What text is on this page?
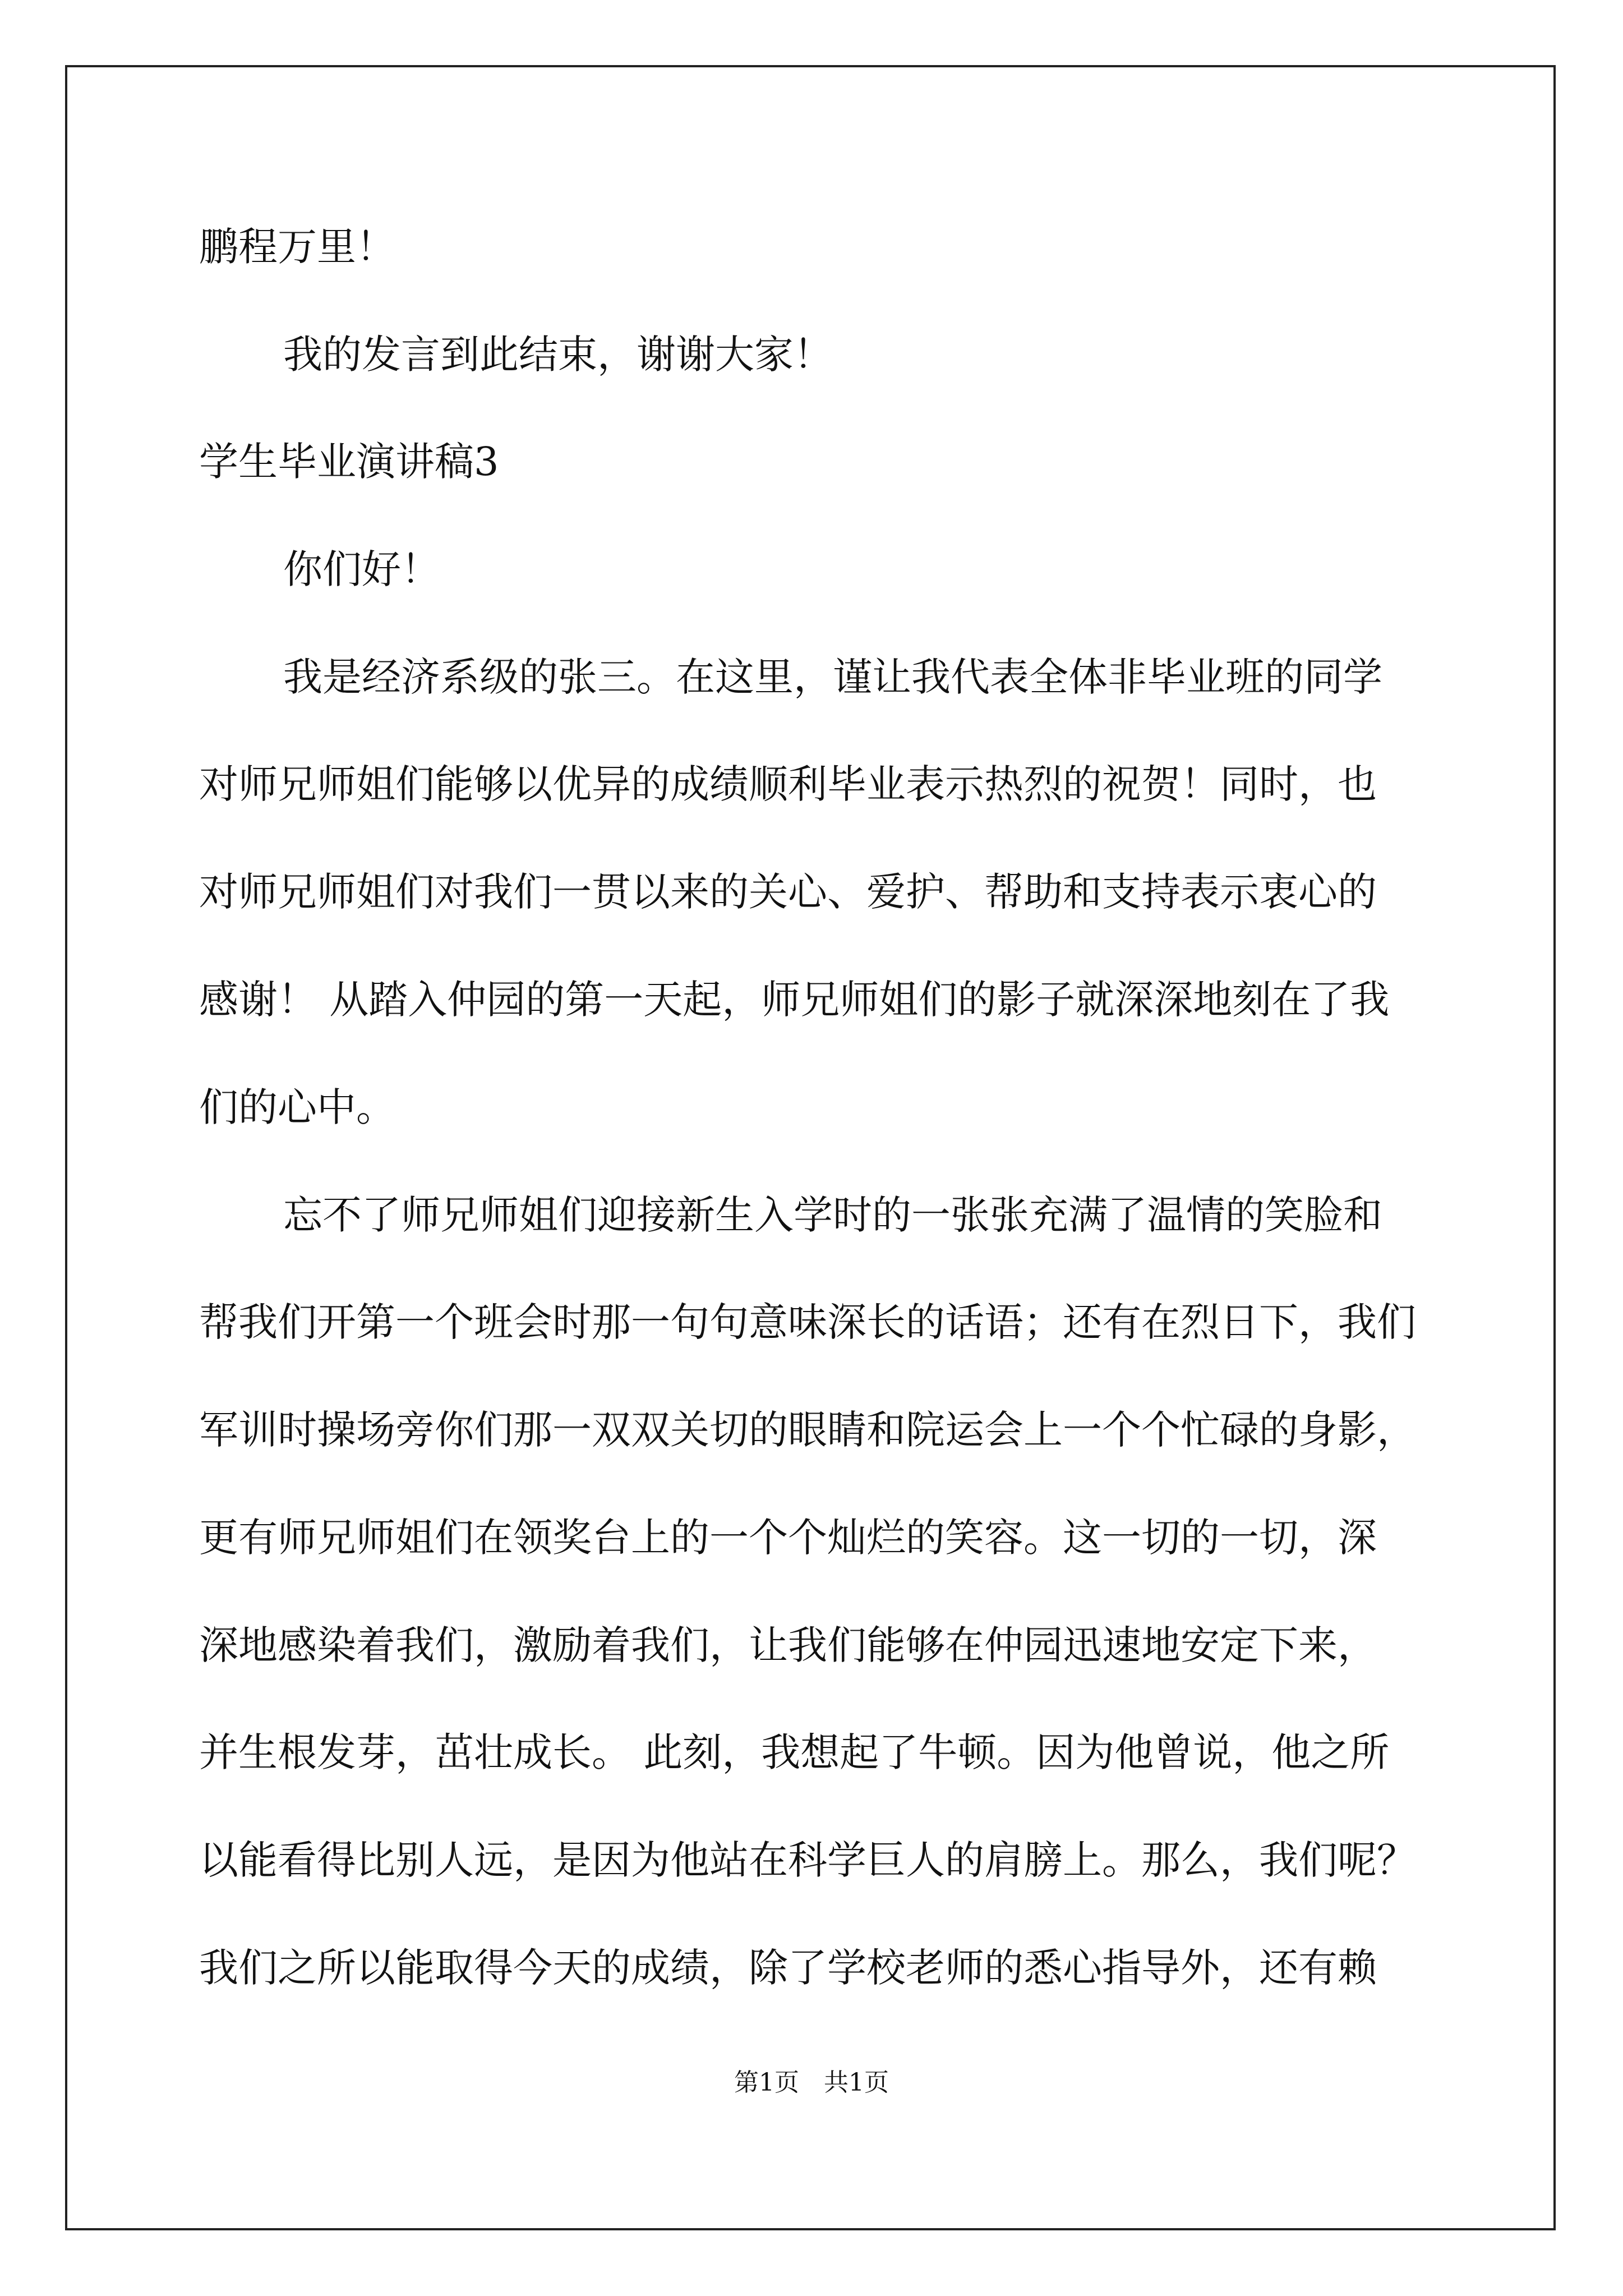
鹏程万里！
我的发言到此结束，谢谢大家！
学生毕业演讲稿3
你们好！
我是经济系级的张三。在这里，谨让我代表全体非毕业班的同学
对师兄师姐们能够以优异的成绩顺利毕业表示热烈的祝贺！同时，也
对师兄师姐们对我们一贯以来的关心、爱护、帮助和支持表示衷心的
感谢！ 从踏入仲园的第一天起，师兄师姐们的影子就深深地刻在了我
们的心中。
忘不了师兄师姐们迎接新生入学时的一张张充满了温情的笑脸和
帮我们开第一个班会时那一句句意味深长的话语；还有在烈日下，我们
军训时操场旁你们那一双双关切的眼睛和院运会上一个个忙碌的身影，
更有师兄师姐们在领奖台上的一个个灿烂的笑容。这一切的一切，深
深地感染着我们，激励着我们，让我们能够在仲园迅速地安定下来，
并生根发芽，茁壮成长。 此刻，我想起了牛顿。因为他曾说，他之所
以能看得比别人远，是因为他站在科学巨人的肩膀上。那么，我们呢？
我们之所以能取得今天的成绩，除了学校老师的悉心指导外，还有赖
第1页　共1页
